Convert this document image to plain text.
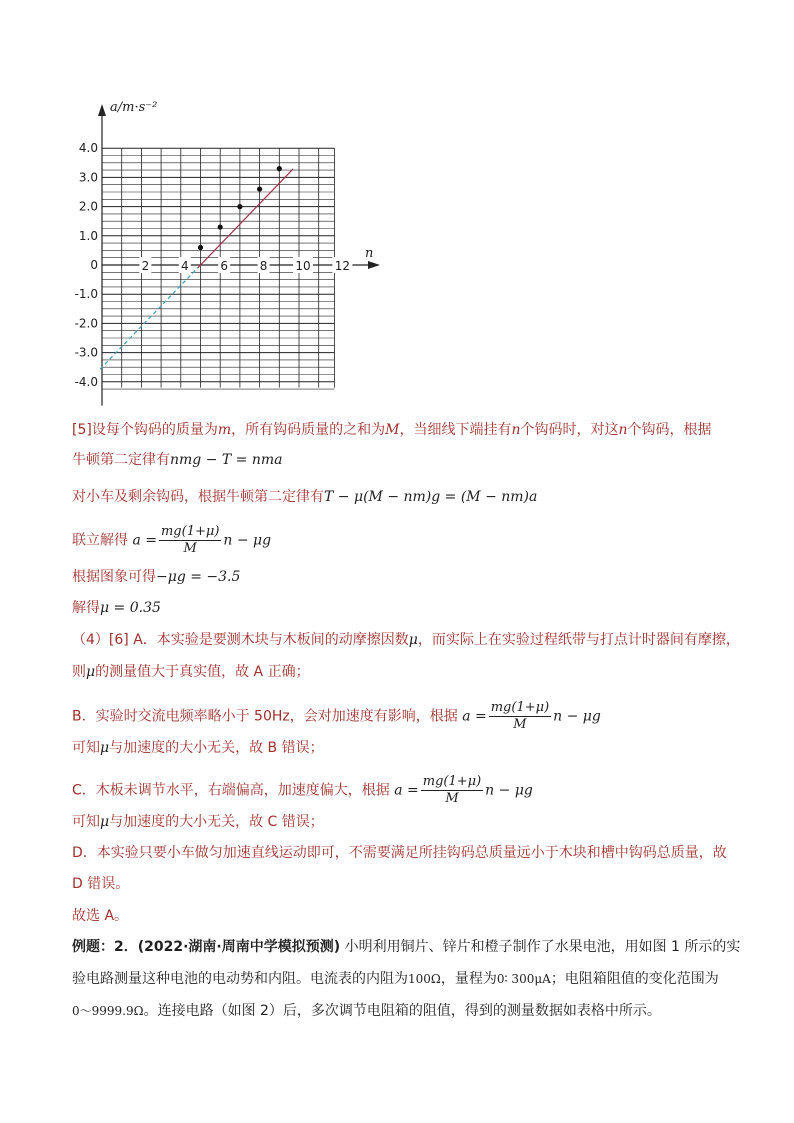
4.0
3.0
2.0
1.0
0
-1.0
-2.0
-3.0
-4.0
2	4	6	8 10 12
a/m·s⁻²
n
[5]设每个钩码的质量为m，所有钩码质量的之和为M，当细线下端挂有n个钩码时，对这n个钩码，根据
牛顿第二定律有nmg − T = nma
对小车及剩余钩码，根据牛顿第二定律有T − μ(M − nm)g = (M − nm)a
联立解得 $a = \frac{mg(1+\mu)}{M}$ n − μg
根据图象可得−μg = −3.5
解得μ = 0.35
（4）[6] A．本实验是要测木块与木板间的动摩擦因数μ，而实际上在实验过程纸带与打点计时器间有摩擦，
则μ的测量值大于真实值，故 A 正确；
B．实验时交流电频率略小于 50Hz，会对加速度有影响，根据 $a = \frac{mg(1+\mu)}{M}$ n − μg
可知μ与加速度的大小无关，故 B 错误；
C．木板未调节水平，右端偏高，加速度偏大，根据 $a = \frac{mg(1+\mu)}{M}$ n − μg
可知μ与加速度的大小无关，故 C 错误；
D．本实验只要小车做匀加速直线运动即可，不需要满足所挂钩码总质量远小于木块和槽中钩码总质量，故
D 错误。
故选 A。
例题：2．(2022·湖南·周南中学模拟预测) 小明利用铜片、锌片和橙子制作了水果电池，用如图 1 所示的实
验电路测量这种电池的电动势和内阻。电流表的内阻为100Ω，量程为0∶ 300μA；电阻箱阻值的变化范围为
0～9999.9Ω。连接电路（如图 2）后，多次调节电阻箱的阻值，得到的测量数据如表格中所示。
